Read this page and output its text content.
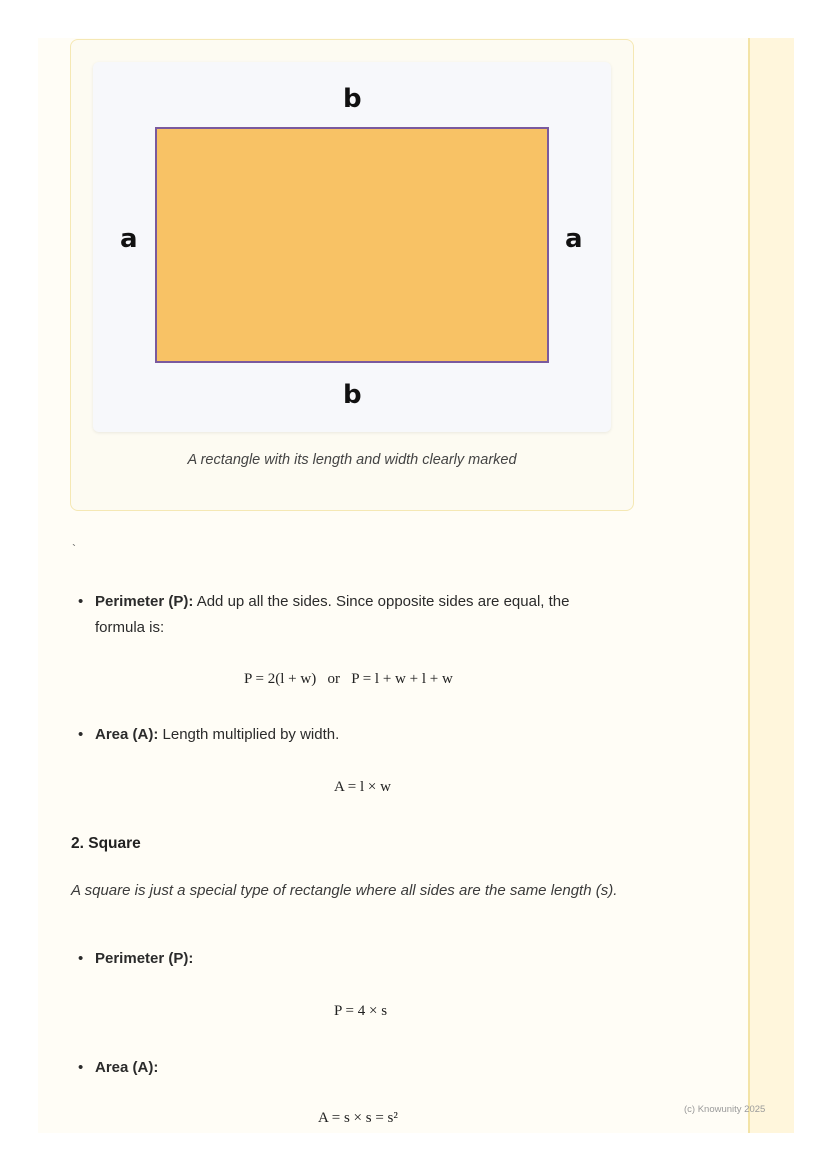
b
a	a
b
A rectangle with its length and width clearly marked
`
• Perimeter (P): Add up all the sides. Since opposite sides are equal, the formula is:
P = 2(l + w)   or   P = l + w + l + w
• Area (A): Length multiplied by width.
A = l × w
2. Square
A square is just a special type of rectangle where all sides are the same length (s).
• Perimeter (P):
P = 4 × s
• Area (A):
A = s × s = s²
(c) Knowunity 2025
